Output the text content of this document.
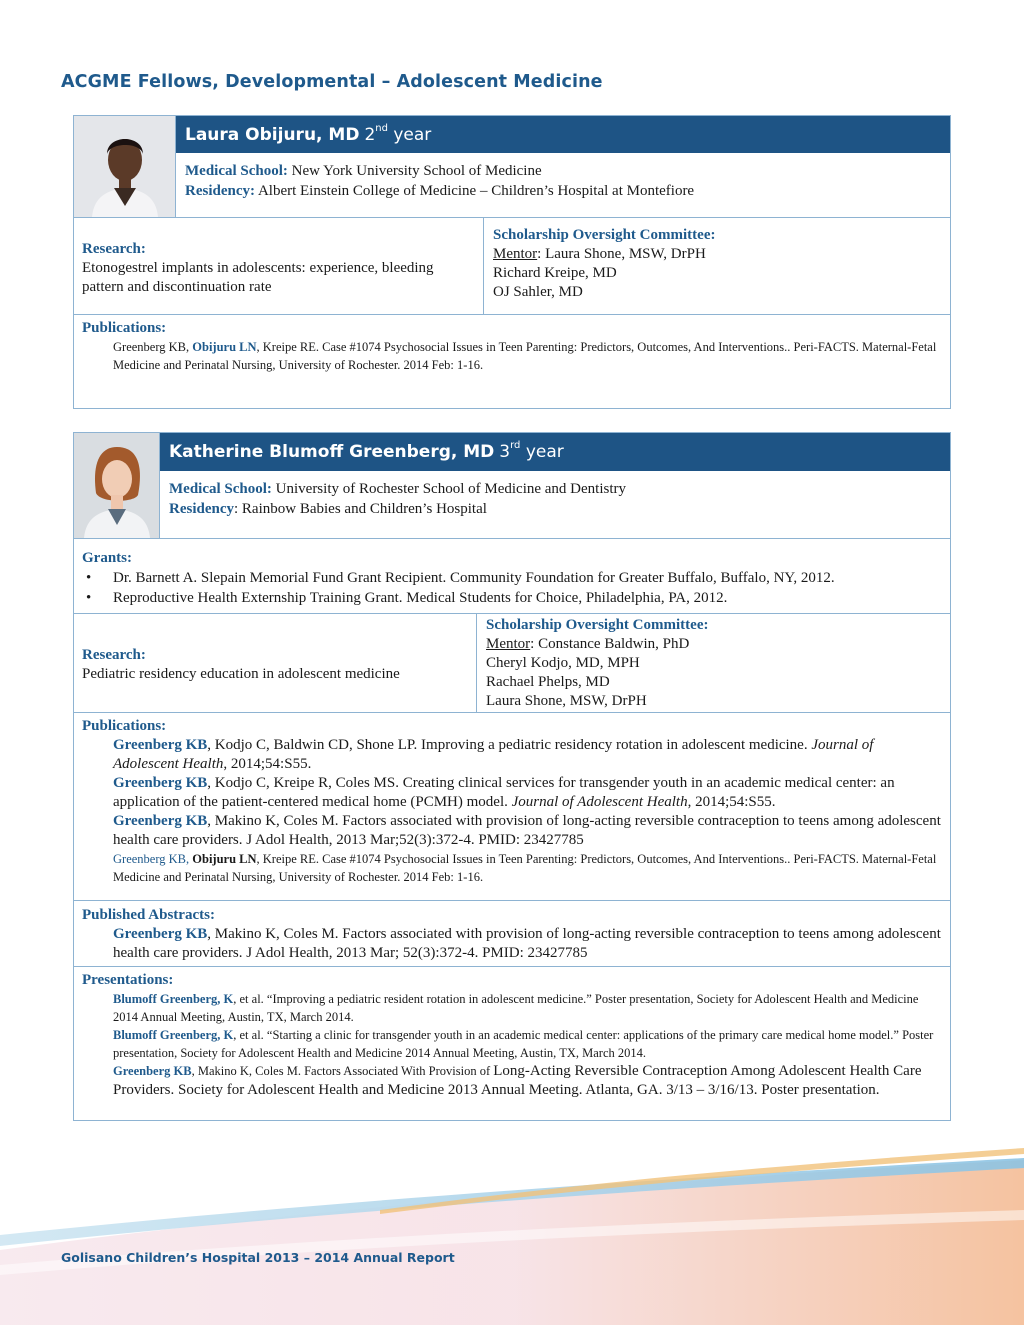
ACGME Fellows, Developmental – Adolescent Medicine
Laura Obijuru, MD 2nd year
Medical School: New York University School of Medicine
Residency: Albert Einstein College of Medicine – Children’s Hospital at Montefiore
Research:
Etonogestrel implants in adolescents: experience, bleeding pattern and discontinuation rate
Scholarship Oversight Committee:
Mentor: Laura Shone, MSW, DrPH
Richard Kreipe, MD
OJ Sahler, MD
Publications:
Greenberg KB, Obijuru LN, Kreipe RE. Case #1074 Psychosocial Issues in Teen Parenting: Predictors, Outcomes, And Interventions.. Peri-FACTS. Maternal-Fetal Medicine and Perinatal Nursing, University of Rochester. 2014 Feb: 1-16.
Katherine Blumoff Greenberg, MD 3rd year
Medical School: University of Rochester School of Medicine and Dentistry
Residency: Rainbow Babies and Children’s Hospital
Grants:
• Dr. Barnett A. Slepain Memorial Fund Grant Recipient. Community Foundation for Greater Buffalo, Buffalo, NY, 2012.
• Reproductive Health Externship Training Grant. Medical Students for Choice, Philadelphia, PA, 2012.
Research:
Pediatric residency education in adolescent medicine
Scholarship Oversight Committee:
Mentor: Constance Baldwin, PhD
Cheryl Kodjo, MD, MPH
Rachael Phelps, MD
Laura Shone, MSW, DrPH
Publications:
Greenberg KB, Kodjo C, Baldwin CD, Shone LP. Improving a pediatric residency rotation in adolescent medicine. Journal of Adolescent Health, 2014;54:S55.
Greenberg KB, Kodjo C, Kreipe R, Coles MS. Creating clinical services for transgender youth in an academic medical center: an application of the patient-centered medical home (PCMH) model. Journal of Adolescent Health, 2014;54:S55.
Greenberg KB, Makino K, Coles M. Factors associated with provision of long-acting reversible contraception to teens among adolescent health care providers. J Adol Health, 2013 Mar;52(3):372-4. PMID: 23427785
Greenberg KB, Obijuru LN, Kreipe RE. Case #1074 Psychosocial Issues in Teen Parenting: Predictors, Outcomes, And Interventions.. Peri-FACTS. Maternal-Fetal Medicine and Perinatal Nursing, University of Rochester. 2014 Feb: 1-16.
Published Abstracts:
Greenberg KB, Makino K, Coles M. Factors associated with provision of long-acting reversible contraception to teens among adolescent health care providers. J Adol Health, 2013 Mar; 52(3):372-4. PMID: 23427785
Presentations:
Blumoff Greenberg, K, et al. “Improving a pediatric resident rotation in adolescent medicine.” Poster presentation, Society for Adolescent Health and Medicine 2014 Annual Meeting, Austin, TX, March 2014.
Blumoff Greenberg, K, et al. “Starting a clinic for transgender youth in an academic medical center: applications of the primary care medical home model.” Poster presentation, Society for Adolescent Health and Medicine 2014 Annual Meeting, Austin, TX, March 2014.
Greenberg KB, Makino K, Coles M. Factors Associated With Provision of Long-Acting Reversible Contraception Among Adolescent Health Care Providers. Society for Adolescent Health and Medicine 2013 Annual Meeting. Atlanta, GA. 3/13 – 3/16/13. Poster presentation.
Golisano Children’s Hospital 2013 – 2014 Annual Report
